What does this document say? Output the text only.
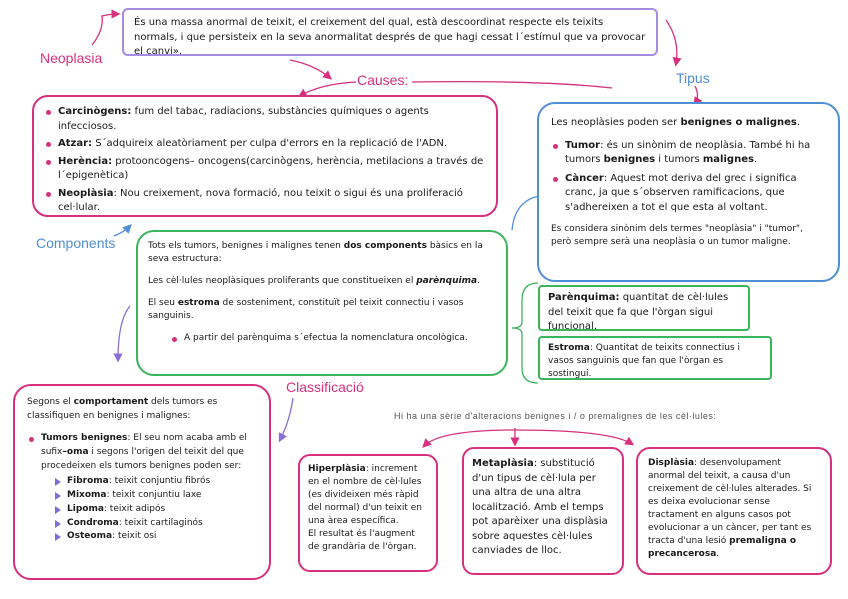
Neoplasia
Causes:	Tipus
Components
Classificació
Hi ha una sèrie d'alteracions benignes i / o premalignes de les cèl·lules:

És una massa anormal de teixit, el creixement del qual, està descoordinat respecte els teixits normals, i que persisteix en la seva anormalitat després de que hagi cessat l´estímul que va provocar el canvi».

Carcinògens: fum del tabac, radiacions, substàncies químiques o agents infecciosos.
Atzar: S´adquireix aleatòriament per culpa d'errors en la replicació de l'ADN.
Herència: protooncogens– oncogens(carcinògens, herència, metilacions a través de l´epigenètica)
Neoplàsia: Nou creixement, nova formació, nou teixit o sigui és una proliferació cel·lular.

Les neoplàsies poden ser benignes o malignes.

Tumor: és un sinònim de neoplàsia. També hi ha tumors benignes i tumors malignes.
Càncer: Aquest mot deriva del grec i significa cranc, ja que s´observen ramificacions, que s'adhereixen a tot el que esta al voltant.

Es considera sinònim dels termes "neoplàsia" i "tumor", però sempre serà una neoplàsia o un tumor maligne.

Tots els tumors, benignes i malignes tenen dos components bàsics en la seva estructura:

Les cèl·lules neoplàsiques proliferants que constitueixen el parènquima.

El seu estroma de sosteniment, constituït pel teixit connectiu i vasos sanguinis.

A partir del parènquima s´efectua la nomenclatura oncològica.

Parènquima: quantitat de cèl·lules del teixit que fa que l'òrgan sigui funcional.

Estroma: Quantitat de teixits connectius i vasos sanguinis que fan que l'òrgan es sostingui.

Segons el comportament dels tumors es classifiquen en benignes i malignes:

Tumors benignes: El seu nom acaba amb el sufix–oma i segons l'origen del teixit del que procedeixen els tumors benignes poden ser:
Fibroma: teixit conjuntiu fibrós
Mixoma: teixit conjuntiu laxe
Lipoma: teixit adipós
Condroma: teixit cartilaginós
Osteoma: teixit osi

Hiperplàsia: increment en el nombre de cèl·lules (es divideixen més ràpid del normal) d'un teixit en una àrea específica.

El resultat és l'augment de grandària de l'òrgan.

Metaplàsia: substitució d'un tipus de cèl·lula per una altra de una altra localització. Amb el temps pot aparèixer una displàsia sobre aquestes cèl·lules canviades de lloc.

Displàsia: desenvolupament anormal del teixit, a causa d'un creixement de cèl·lules alterades. Si es deixa evolucionar sense tractament en alguns casos pot evolucionar a un càncer, per tant es tracta d'una lesió premaligna o precancerosa.
